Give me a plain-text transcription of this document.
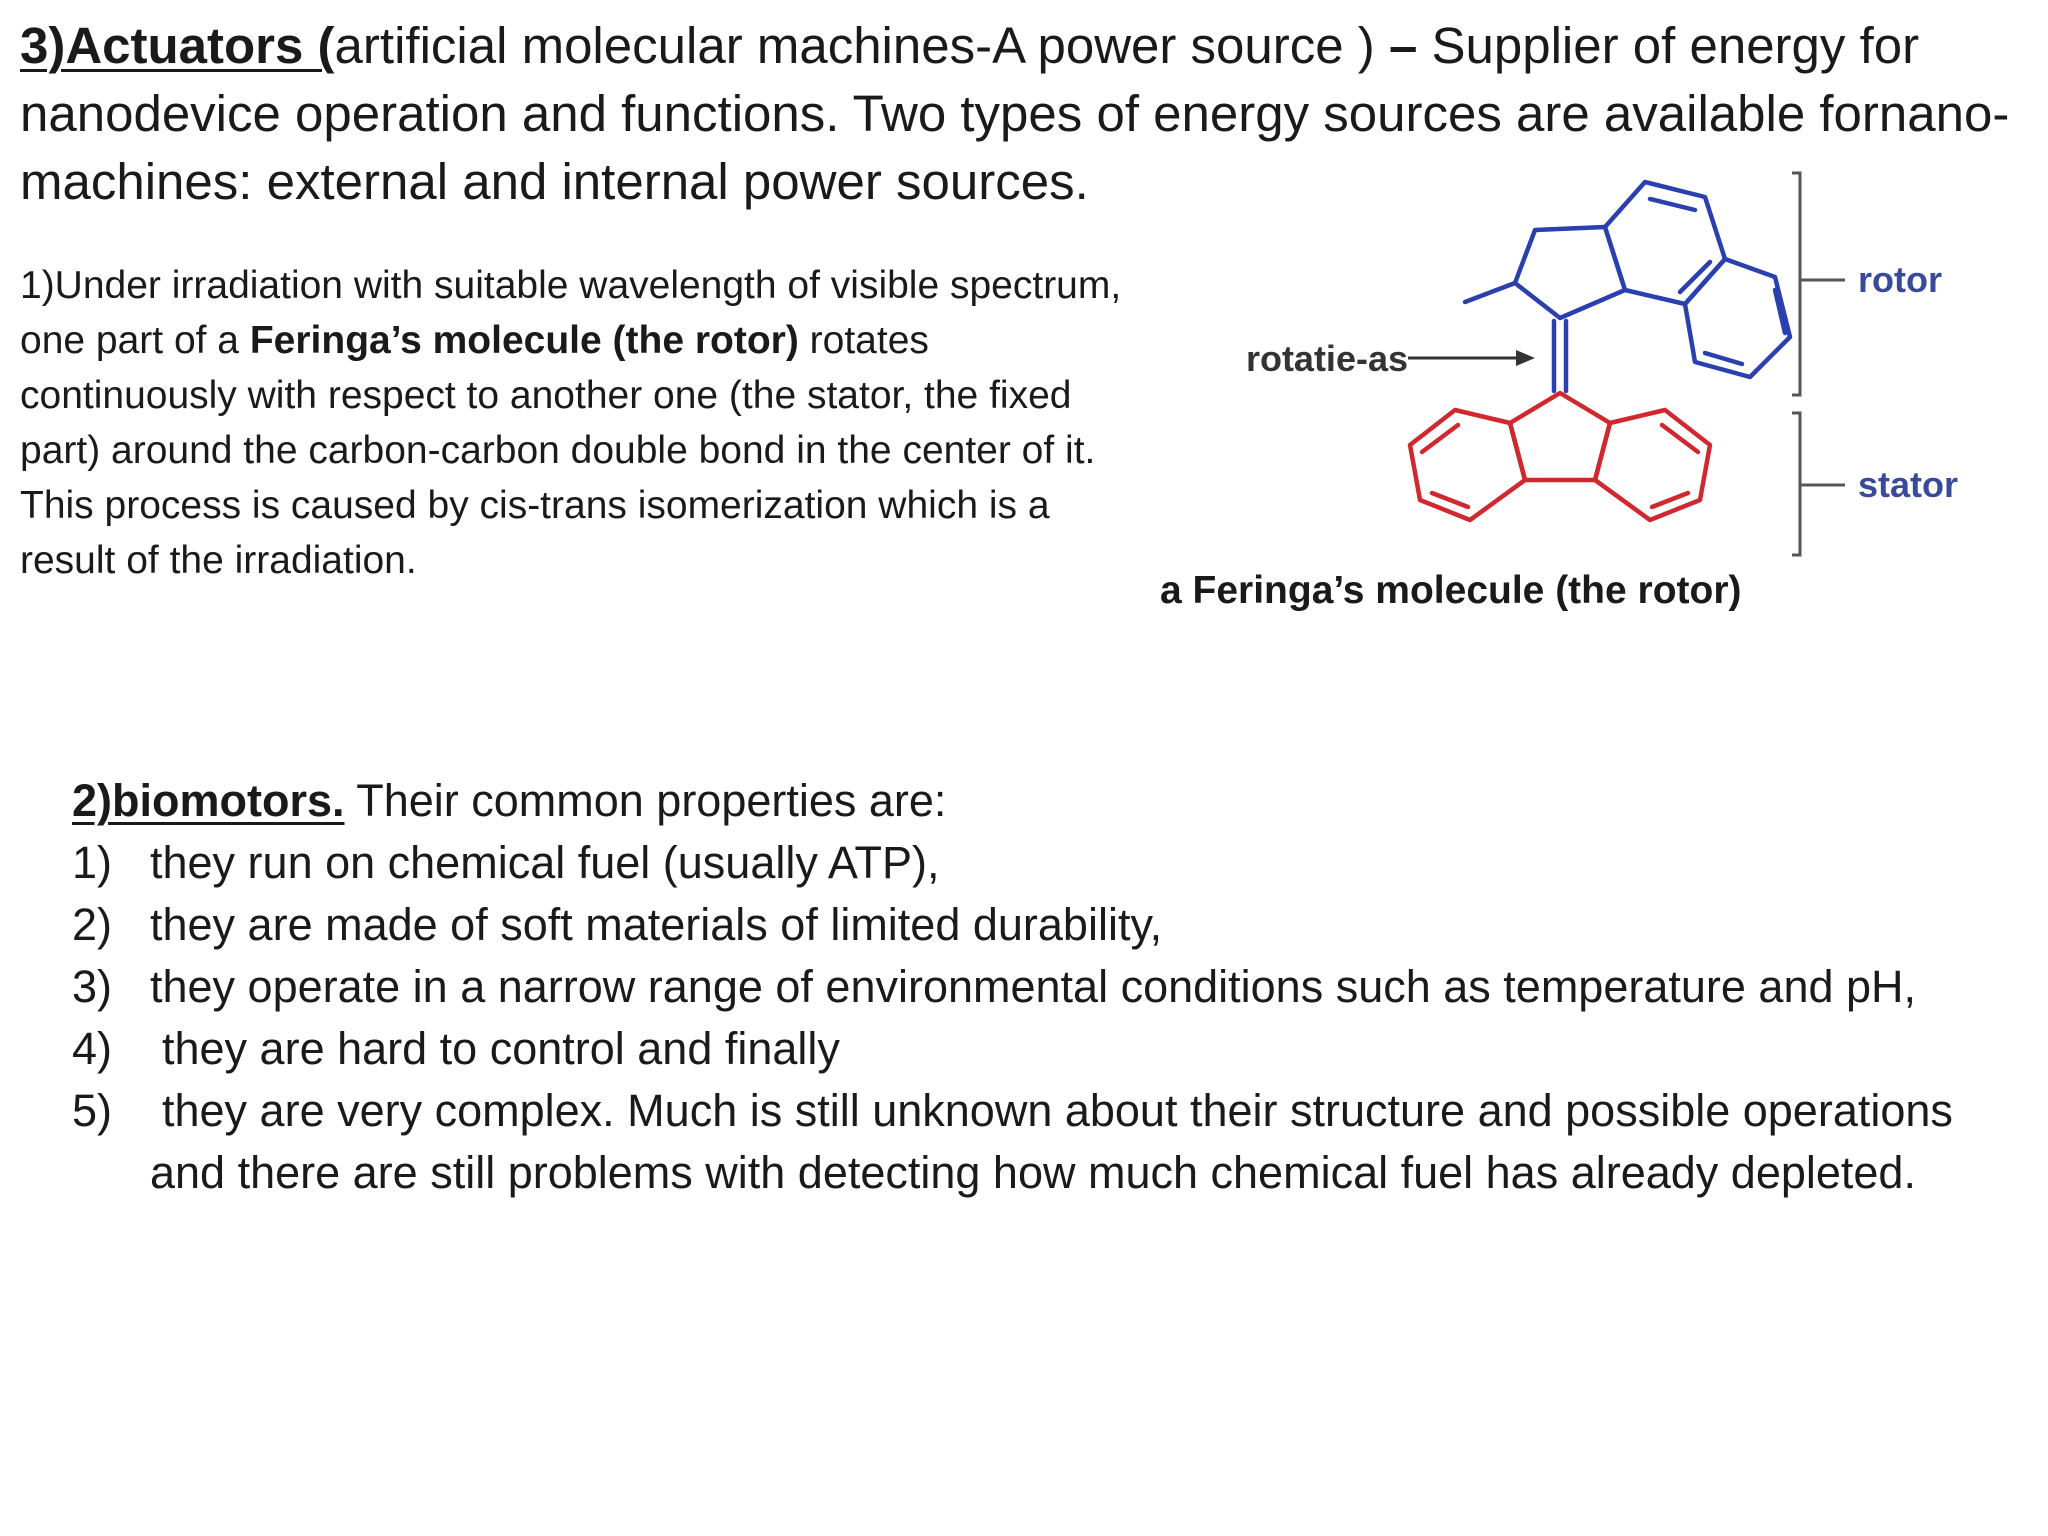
3)Actuators (artificial molecular machines-A power source ) – Supplier of energy for nanodevice operation and functions. Two types of energy sources are available fornano-machines: external and internal power sources.

1)Under irradiation with suitable wavelength of visible spectrum, one part of a Feringa’s molecule (the rotor) rotates continuously with respect to another one (the stator, the fixed part) around the carbon-carbon double bond in the center of it. This process is caused by cis-trans isomerization which is a result of the irradiation.

rotatie-as
rotor
stator

a Feringa’s molecule (the rotor)

2)biomotors. Their common properties are:
1) they run on chemical fuel (usually ATP),
2) they are made of soft materials of limited durability,
3) they operate in a narrow range of environmental conditions such as temperature and pH,
4) they are hard to control and finally
5) they are very complex. Much is still unknown about their structure and possible operations and there are still problems with detecting how much chemical fuel has already depleted.
